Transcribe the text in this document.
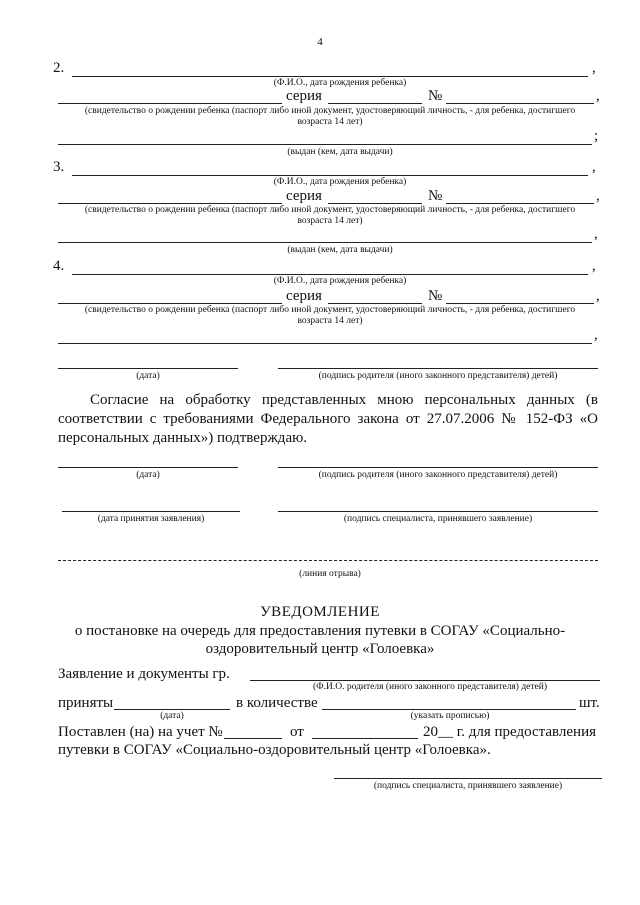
4
2.	,
(Ф.И.О., дата рождения ребенка)
серия	№	,
(свидетельство о рождении ребенка (паспорт либо иной документ, удостоверяющий личность, - для ребенка, достигшего возраста 14 лет)
;
(выдан (кем, дата выдачи)
3.	,
(Ф.И.О., дата рождения ребенка)
серия	№	,
(свидетельство о рождении ребенка (паспорт либо иной документ, удостоверяющий личность, - для ребенка, достигшего возраста 14 лет)
,
(выдан (кем, дата выдачи)
4.	,
(Ф.И.О., дата рождения ребенка)
серия	№	,
(свидетельство о рождении ребенка (паспорт либо иной документ, удостоверяющий личность, - для ребенка, достигшего возраста 14 лет)
,
(дата)	(подпись родителя (иного законного представителя) детей)
Согласие на обработку представленных мною персональных данных (в соответствии с требованиями Федерального закона от 27.07.2006 № 152-ФЗ «О персональных данных») подтверждаю.
(дата)	(подпись родителя (иного законного представителя) детей)
(дата принятия заявления)	(подпись специалиста, принявшего заявление)
(линия отрыва)
УВЕДОМЛЕНИЕ
о постановке на очередь для предоставления путевки в СОГАУ «Социально-оздоровительный центр «Голоевка»
Заявление и документы гр.
(Ф.И.О. родителя (иного законного представителя) детей)
приняты	в количестве	шт.
(дата)	(указать прописью)
Поставлен (на) на учет №	от	20__ г. для предоставления
путевки в СОГАУ «Социально-оздоровительный центр «Голоевка».
(подпись специалиста, принявшего заявление)
